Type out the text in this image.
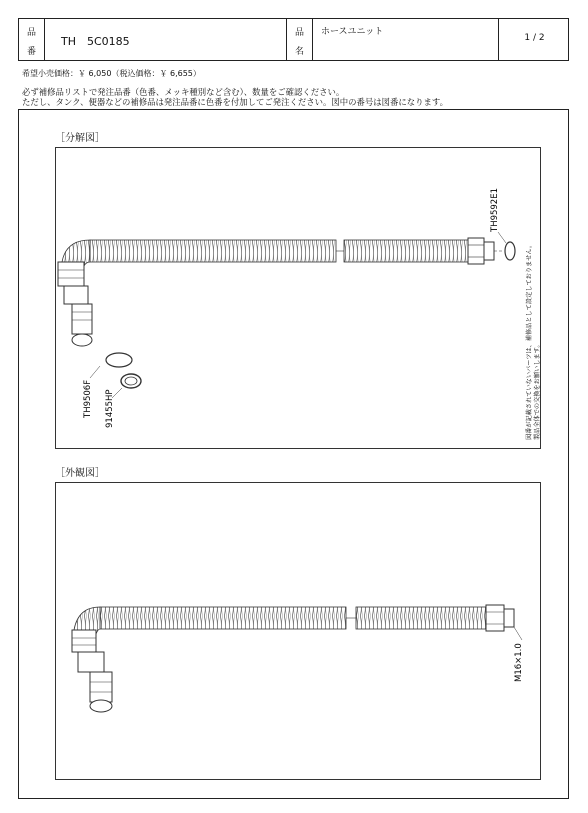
品
番
TH　5C0185
品
名
ホースユニット
1 / 2
希望小売価格：￥ 6,050（税込価格：￥ 6,655）
必ず補修品リストで発注品番（色番、メッキ種別など含む）、数量をご確認ください。
ただし、タンク、便器などの補修品は発注品番に色番を付加してご発注ください。図中の番号は図番になります。
［分解図］
［外観図］
TH9506F 91455HP
TH9592E1
図番が記載されていないパーツは、補修品として設定しておりません。 製品全体での交換をお願いします。
M16×1.0
